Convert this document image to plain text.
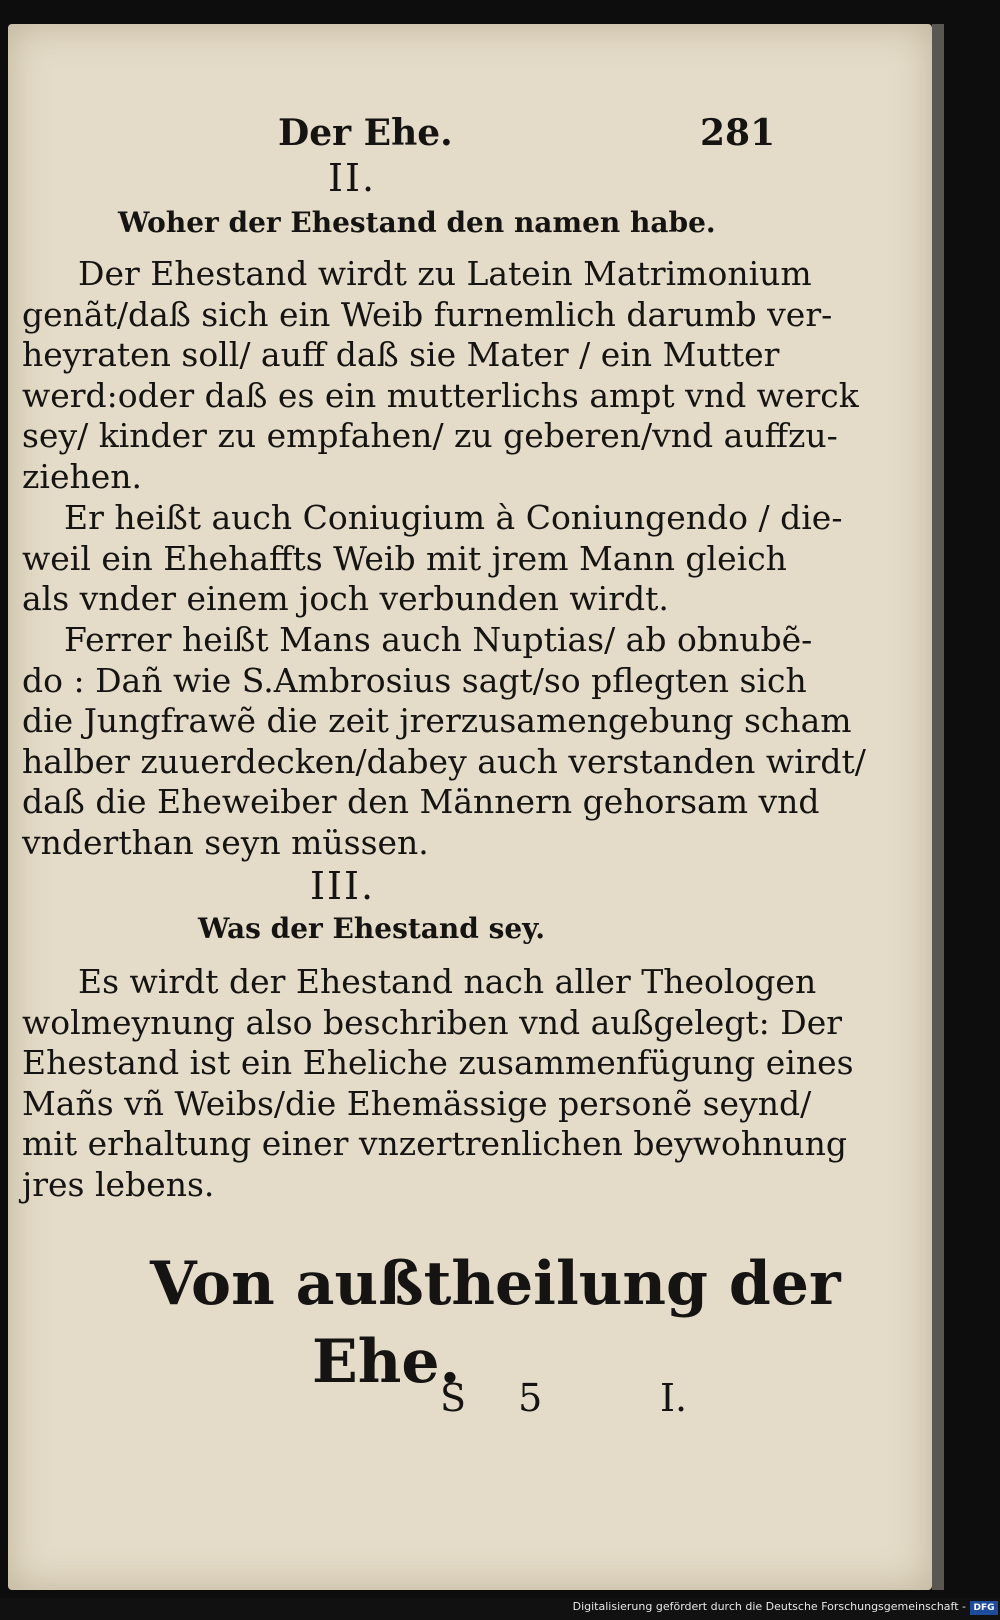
Der Ehe.	281
II.
Woher der Ehestand den namen habe.
Der Ehestand wirdt zu Latein Matrimonium
genãt/daß sich ein Weib furnemlich darumb ver-
heyraten soll/ auff daß sie Mater / ein Mutter
werd:oder daß es ein mutterlichs ampt vnd werck
sey/ kinder zu empfahen/ zu geberen/vnd auffzu-
ziehen.
Er heißt auch Coniugium à Coniungendo / die-
weil ein Ehehaffts Weib mit jrem Mann gleich
als vnder einem joch verbunden wirdt.
Ferrer heißt Mans auch Nuptias/ ab obnubẽ-
do : Dañ wie S.Ambrosius sagt/so pflegten sich
die Jungfrawẽ die zeit jrerzusamengebung scham
halber zuuerdecken/dabey auch verstanden wirdt/
daß die Eheweiber den Männern gehorsam vnd
vnderthan seyn müssen.
III.
Was der Ehestand sey.
Es wirdt der Ehestand nach aller Theologen
wolmeynung also beschriben vnd außgelegt: Der
Ehestand ist ein Eheliche zusammenfügung eines
Mañs vñ Weibs/die Ehemässige personẽ seynd/
mit erhaltung einer vnzertrenlichen beywohnung
jres lebens.
Von außtheilung der
Ehe.
S 5	I.
Digitalisierung gefördert durch die Deutsche Forschungsgemeinschaft - DFG
